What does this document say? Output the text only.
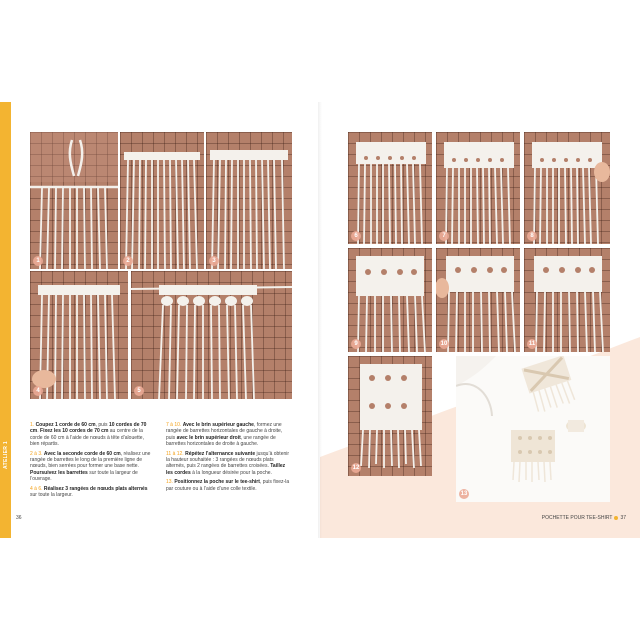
ATELIER 1
1	2	3
4	5
6	7	8
9	10	11
12
13

1. Coupez 1 corde de 60 cm, puis 10 cordes de 70 cm. Fixez les 10 cordes de 70 cm au centre de la corde de 60 cm à l’aide de nœuds à tête d’alouette, bien répartis.

2 à 3. Avec la seconde corde de 60 cm, réalisez une rangée de barrettes le long de la première ligne de nœuds, bien serrées pour former une base nette. Poursuivez les barrettes sur toute la largeur de l’ouvrage.

4 à 6. Réalisez 3 rangées de nœuds plats alternés sur toute la largeur.

7 à 10. Avec le brin supérieur gauche, formez une rangée de barrettes horizontales de gauche à droite, puis avec le brin supérieur droit, une rangée de barrettes horizontales de droite à gauche.

11 à 12. Répétez l’alternance suivante jusqu’à obtenir la hauteur souhaitée : 3 rangées de nœuds plats alternés, puis 2 rangées de barrettes croisées. Taillez les cordes à la longueur désirée pour la poche.

13. Positionnez la poche sur le tee-shirt, puis fixez-la par couture ou à l’aide d’une colle textile.

36	POCHETTE POUR TEE-SHIRT 37
